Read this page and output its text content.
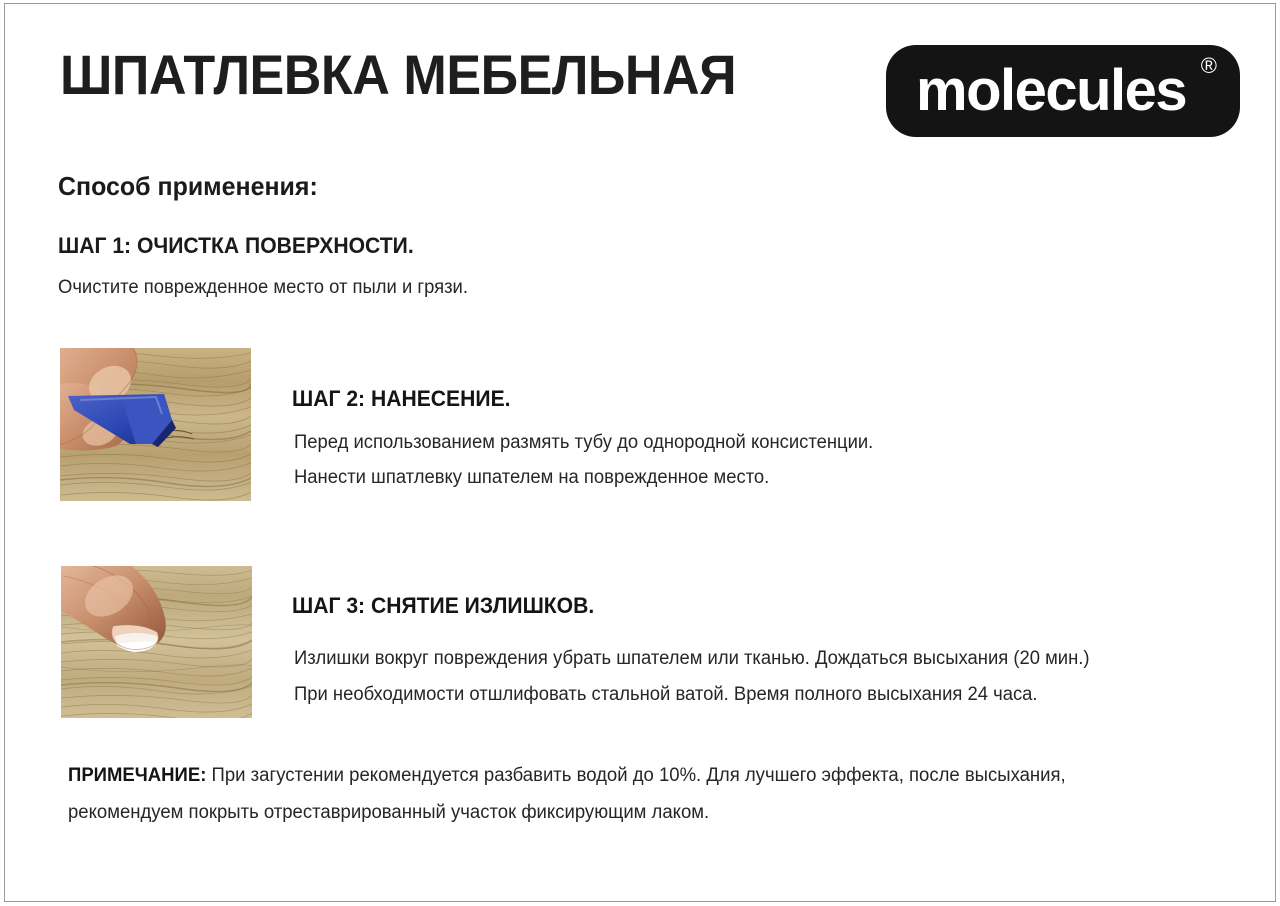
ШПАТЛЕВКА МЕБЕЛЬНАЯ	molecules ®
Способ применения:
ШАГ 1: ОЧИСТКА ПОВЕРХНОСТИ.
Очистите поврежденное место от пыли и грязи.
ШАГ 2: НАНЕСЕНИЕ.
Перед использованием размять тубу до однородной консистенции.
Нанести шпатлевку шпателем на поврежденное место.
ШАГ 3: СНЯТИЕ ИЗЛИШКОВ.
Излишки вокруг повреждения убрать шпателем или тканью. Дождаться высыхания (20 мин.)
При необходимости отшлифовать стальной ватой. Время полного высыхания 24 часа.
ПРИМЕЧАНИЕ: При загустении рекомендуется разбавить водой до 10%. Для лучшего эффекта, после высыхания,
рекомендуем покрыть отреставрированный участок фиксирующим лаком.
